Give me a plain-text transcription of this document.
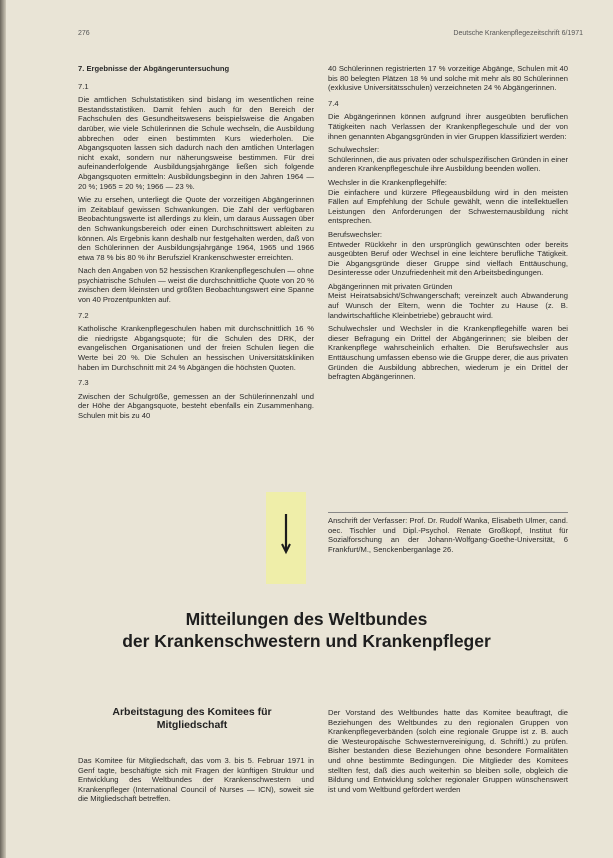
276	Deutsche Krankenpflegezeitschrift 6/1971

7. Ergebnisse der Abgängeruntersuchung

7.1

Die amtlichen Schulstatistiken sind bislang im wesentlichen reine Bestandsstatistiken. Damit fehlen auch für den Bereich der Fachschulen des Gesundheitswesens beispielsweise die Angaben darüber, wie viele Schülerinnen die Schule wechseln, die Ausbildung abbrechen oder einen bestimmten Kurs wiederholen. Die Abgangsquoten lassen sich dadurch nach den amtlichen Unterlagen nicht exakt, sondern nur näherungsweise bestimmen. Für drei aufeinanderfolgende Ausbildungsjahrgänge ließen sich folgende Abgangsquoten ermitteln: Ausbildungsbeginn in den Jahren 1964 — 20 %; 1965 = 20 %; 1966 — 23 %.

Wie zu ersehen, unterliegt die Quote der vorzeitigen Abgängerinnen im Zeitablauf gewissen Schwankungen. Die Zahl der verfügbaren Beobachtungswerte ist allerdings zu klein, um daraus Aussagen über den Schwankungsbereich oder einen Durchschnittswert ableiten zu können. Als Ergebnis kann deshalb nur festgehalten werden, daß von den Schülerinnen der Ausbildungsjahrgänge 1964, 1965 und 1966 etwa 78 % bis 80 % ihr Berufsziel Krankenschwester erreichten.

Nach den Angaben von 52 hessischen Krankenpflegeschulen — ohne psychiatrische Schulen — weist die durchschnittliche Quote von 20 % zwischen dem kleinsten und größten Beobachtungswert eine Spanne von 40 Prozentpunkten auf.

7.2

Katholische Krankenpflegeschulen haben mit durchschnittlich 16 % die niedrigste Abgangsquote; für die Schulen des DRK, der evangelischen Organisationen und der freien Schulen liegen die Werte bei 20 %. Die Schulen an hessischen Universitätskliniken haben im Durchschnitt mit 24 % Abgängen die höchsten Quoten.

7.3

Zwischen der Schulgröße, gemessen an der Schülerinnenzahl und der Höhe der Abgangsquote, besteht ebenfalls ein Zusammenhang. Schulen mit bis zu 40

40 Schülerinnen registrierten 17 % vorzeitige Abgänge, Schulen mit 40 bis 80 belegten Plätzen 18 % und solche mit mehr als 80 Schülerinnen (exklusive Universitätsschulen) verzeichneten 24 % Abgängerinnen.

7.4

Die Abgängerinnen können aufgrund ihrer ausgeübten beruflichen Tätigkeiten nach Verlassen der Krankenpflegeschule und der von ihnen genannten Abgangsgründen in vier Gruppen klassifiziert werden:

Schulwechsler:

Schülerinnen, die aus privaten oder schulspezifischen Gründen in einer anderen Krankenpflegeschule ihre Ausbildung beenden wollen.

Wechsler in die Krankenpflegehilfe:

Die einfachere und kürzere Pflegeausbildung wird in den meisten Fällen auf Empfehlung der Schule gewählt, wenn die intellektuellen Leistungen den Anforderungen der Schwesternausbildung nicht entsprechen.

Berufswechsler:

Entweder Rückkehr in den ursprünglich gewünschten oder bereits ausgeübten Beruf oder Wechsel in eine leichtere berufliche Tätigkeit. Die Abgangsgründe dieser Gruppe sind vielfach Enttäuschung, Desinteresse oder Unzufriedenheit mit den Arbeitsbedingungen.

Abgängerinnen mit privaten Gründen

Meist Heiratsabsicht/Schwangerschaft; vereinzelt auch Abwanderung auf Wunsch der Eltern, wenn die Tochter zu Hause (z. B. landwirtschaftliche Kleinbetriebe) gebraucht wird.

Schulwechsler und Wechsler in die Krankenpflegehilfe waren bei dieser Befragung ein Drittel der Abgängerinnen; sie bleiben der Krankenpflege wahrscheinlich erhalten. Die Berufswechsler aus Enttäuschung umfassen ebenso wie die Gruppe derer, die aus privaten Gründen die Ausbildung abbrechen, wiederum je ein Drittel der befragten Abgängerinnen.

Anschrift der Verfasser: Prof. Dr. Rudolf Wanka, Elisabeth Ulmer, cand. oec. Tischler und Dipl.-Psychol. Renate Großkopf, Institut für Sozialforschung an der Johann-Wolfgang-Goethe-Universität, 6 Frankfurt/M., Senckenberganlage 26.
Mitteilungen des Weltbundes
der Krankenschwestern und Krankenpfleger
Arbeitstagung des Komitees für
Mitgliedschaft
Das Komitee für Mitgliedschaft, das vom 3. bis 5. Februar 1971 in Genf tagte, beschäftigte sich mit Fragen der künftigen Struktur und Entwicklung des Weltbundes der Krankenschwestern und Krankenpfleger (International Council of Nurses — ICN), soweit sie die Mitgliedschaft betreffen.
Der Vorstand des Weltbundes hatte das Komitee beauftragt, die Beziehungen des Weltbundes zu den regionalen Gruppen von Krankenpflegeverbänden (solch eine regionale Gruppe ist z. B. auch die Westeuropäische Schwesternvereinigung, d. Schriftl.) zu prüfen. Bisher bestanden diese Beziehungen ohne besondere Formalitäten und ohne bestimmte Bedingungen. Die Mitglieder des Komitees stellten fest, daß dies auch weiterhin so bleiben solle, obgleich die Bildung und Entwicklung solcher regionaler Gruppen wünschenswert ist und vom Weltbund gefördert werden
